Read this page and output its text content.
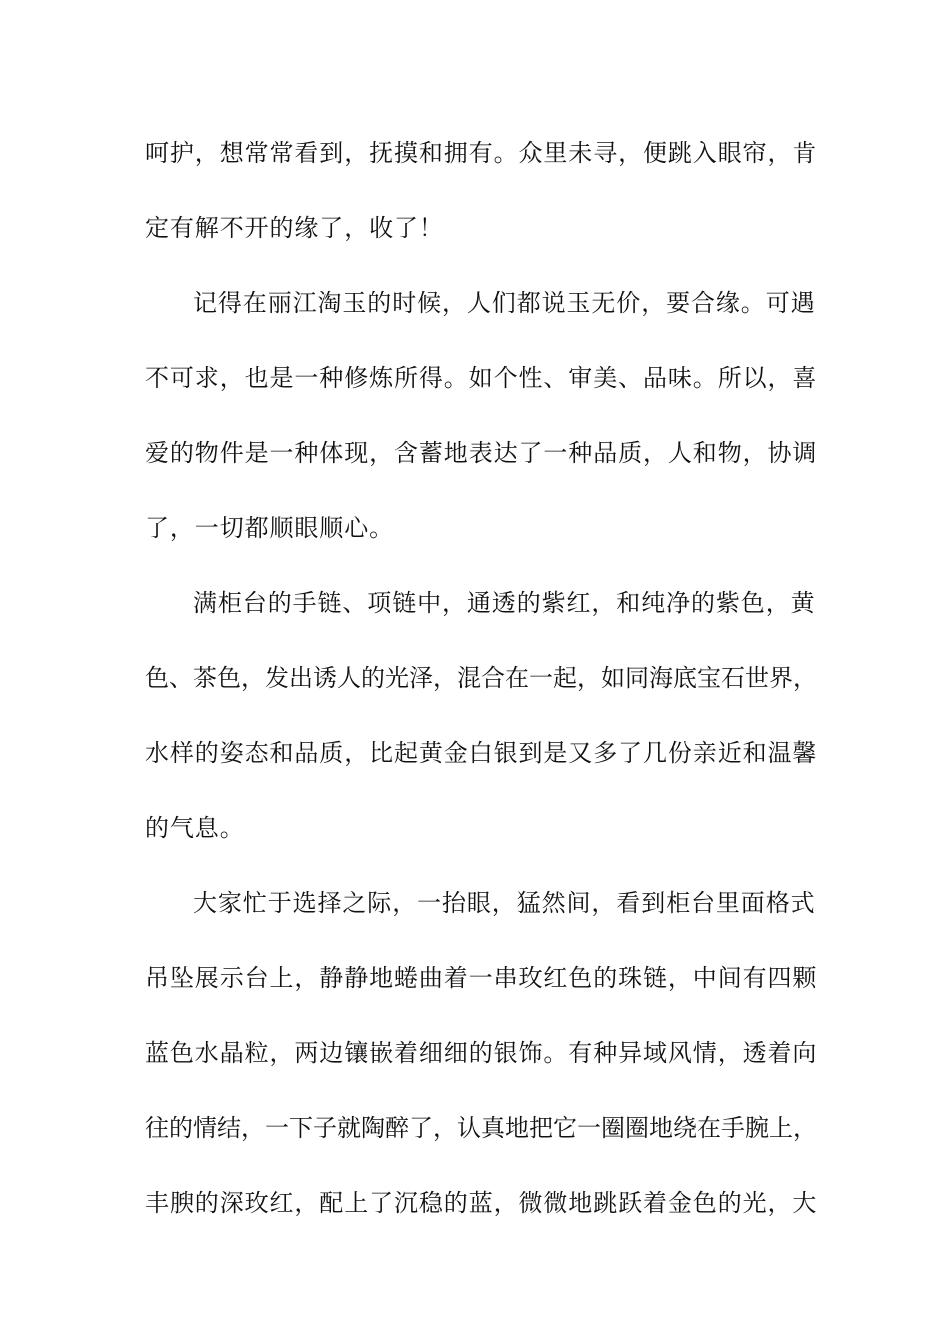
呵护，想常常看到，抚摸和拥有。众里未寻，便跳入眼帘，肯
定有解不开的缘了，收了！
记得在丽江淘玉的时候，人们都说玉无价，要合缘。可遇
不可求，也是一种修炼所得。如个性、审美、品味。所以，喜
爱的物件是一种体现，含蓄地表达了一种品质，人和物，协调
了，一切都顺眼顺心。
满柜台的手链、项链中，通透的紫红，和纯净的紫色，黄
色、茶色，发出诱人的光泽，混合在一起，如同海底宝石世界，
水样的姿态和品质，比起黄金白银到是又多了几份亲近和温馨
的气息。
大家忙于选择之际，一抬眼，猛然间，看到柜台里面格式
吊坠展示台上，静静地蜷曲着一串玫红色的珠链，中间有四颗
蓝色水晶粒，两边镶嵌着细细的银饰。有种异域风情，透着向
往的情结，一下子就陶醉了，认真地把它一圈圈地绕在手腕上，
丰腴的深玫红，配上了沉稳的蓝，微微地跳跃着金色的光，大
